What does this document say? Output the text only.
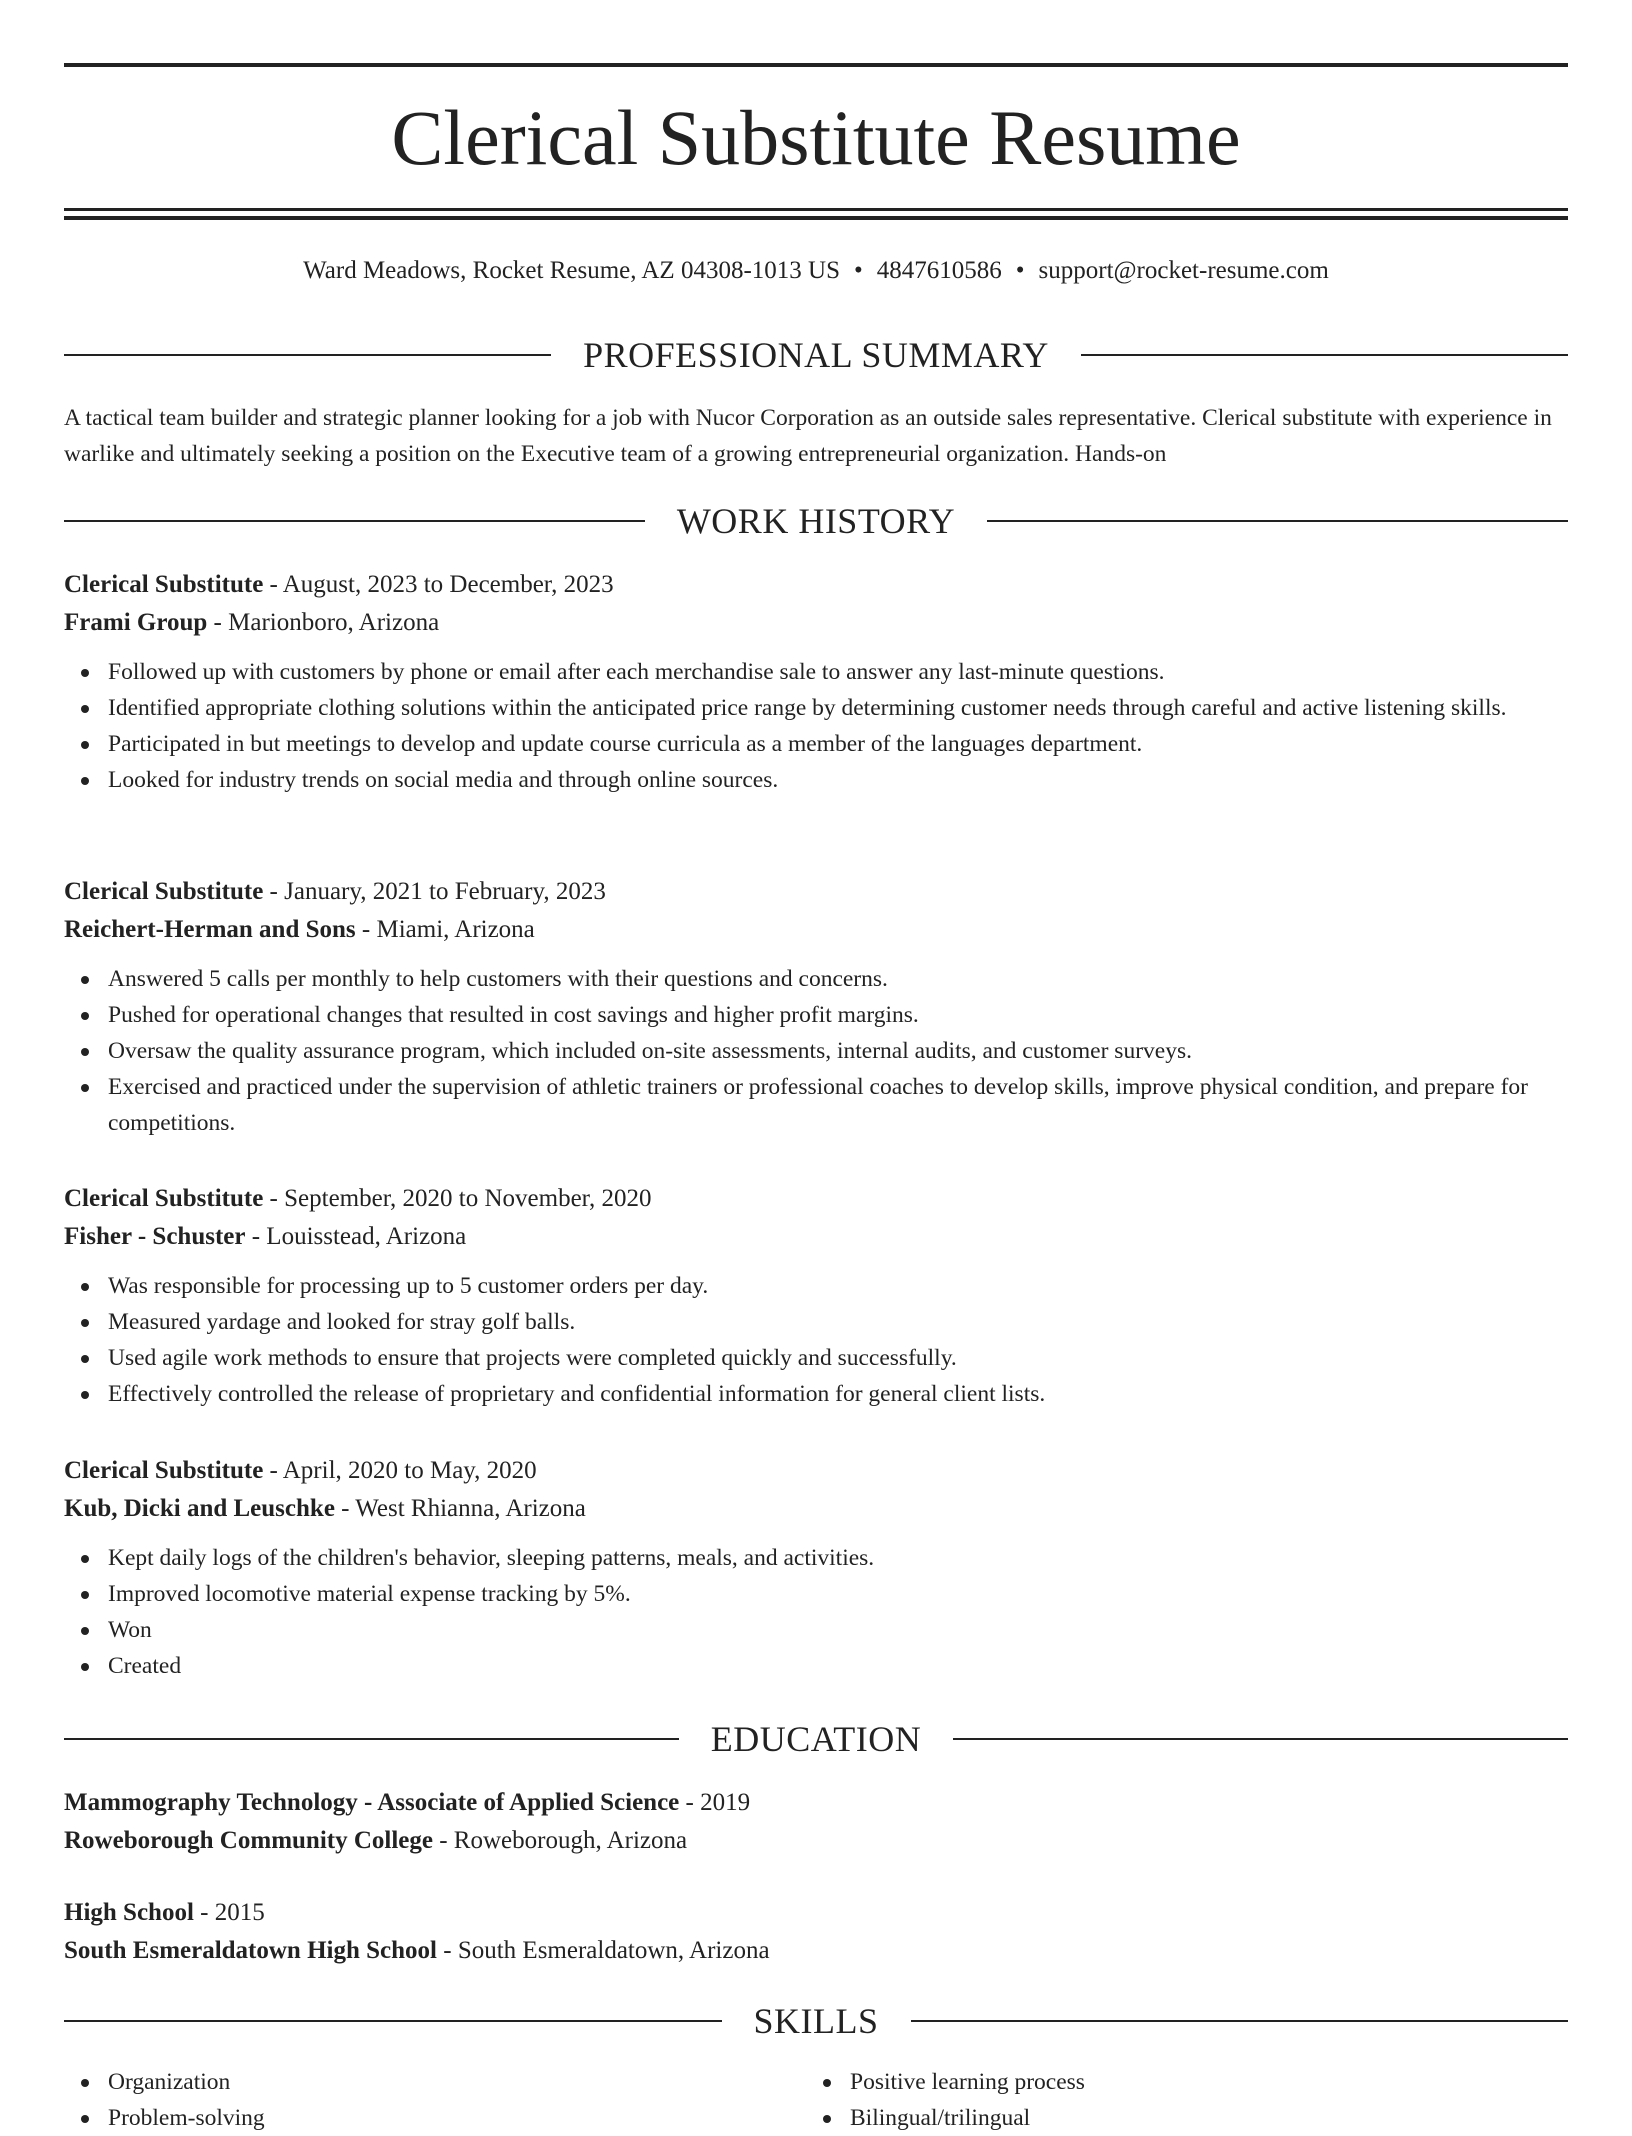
Clerical Substitute Resume
Ward Meadows, Rocket Resume, AZ 04308-1013 US • 4847610586 • support@rocket-resume.com
PROFESSIONAL SUMMARY
A tactical team builder and strategic planner looking for a job with Nucor Corporation as an outside sales representative. Clerical substitute with experience in warlike and ultimately seeking a position on the Executive team of a growing entrepreneurial organization. Hands-on
WORK HISTORY
Clerical Substitute - August, 2023 to December, 2023
Frami Group - Marionboro, Arizona
Followed up with customers by phone or email after each merchandise sale to answer any last-minute questions.
Identified appropriate clothing solutions within the anticipated price range by determining customer needs through careful and active listening skills.
Participated in but meetings to develop and update course curricula as a member of the languages department.
Looked for industry trends on social media and through online sources.
Clerical Substitute - January, 2021 to February, 2023
Reichert-Herman and Sons - Miami, Arizona
Answered 5 calls per monthly to help customers with their questions and concerns.
Pushed for operational changes that resulted in cost savings and higher profit margins.
Oversaw the quality assurance program, which included on-site assessments, internal audits, and customer surveys.
Exercised and practiced under the supervision of athletic trainers or professional coaches to develop skills, improve physical condition, and prepare for competitions.
Clerical Substitute - September, 2020 to November, 2020
Fisher - Schuster - Louisstead, Arizona
Was responsible for processing up to 5 customer orders per day.
Measured yardage and looked for stray golf balls.
Used agile work methods to ensure that projects were completed quickly and successfully.
Effectively controlled the release of proprietary and confidential information for general client lists.
Clerical Substitute - April, 2020 to May, 2020
Kub, Dicki and Leuschke - West Rhianna, Arizona
Kept daily logs of the children's behavior, sleeping patterns, meals, and activities.
Improved locomotive material expense tracking by 5%.
Won
Created
EDUCATION
Mammography Technology - Associate of Applied Science - 2019
Roweborough Community College - Roweborough, Arizona
High School - 2015
South Esmeraldatown High School - South Esmeraldatown, Arizona
SKILLS
Organization
Problem-solving
Positive learning process
Bilingual/trilingual
